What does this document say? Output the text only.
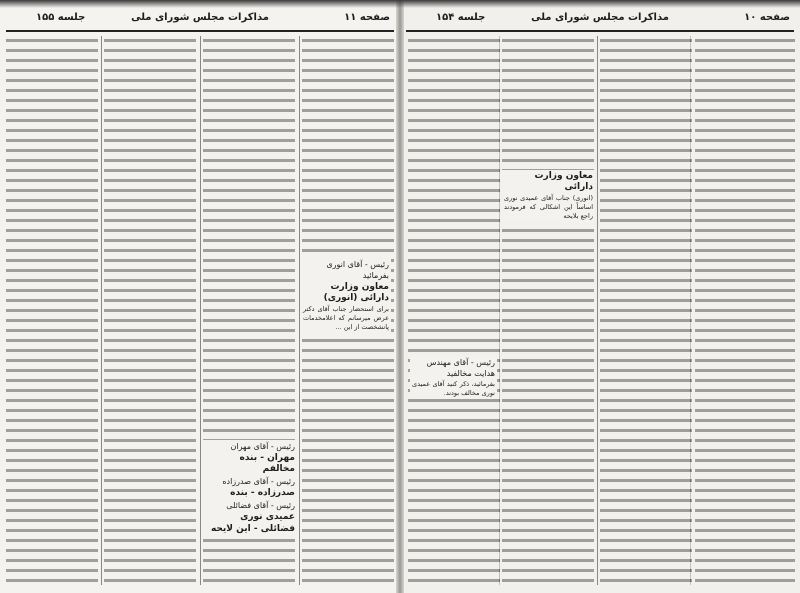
صفحه ۱۱
مذاکرات مجلس شورای ملی
جلسه ۱۵۵
رئیس - آقای انوری بفرمائید
معاون وزارت دارائی (انوری)
برای استحضار جناب آقای دکتر عرض میرسانم که اعلامخدمات پانشخصت از این ...
رئیس - آقای مهران
مهران - بنده مخالفم
رئیس - آقای صدرزاده
صدرزاده - بنده
رئیس - آقای فضائلی
عمیدی نوری
فضائلی - این لایحه
صفحه ۱۰
مذاکرات مجلس شورای ملی
جلسه ۱۵۴
معاون وزارت دارائی
(انوری) جناب آقای عمیدی نوری اساساً این اشکالی که فرمودند راجع بلایحه
رئیس - آقای مهندس هدایت مخالفید
بفرمائید، ذکر کنید آقای عمیدی نوری مخالف بودند.
